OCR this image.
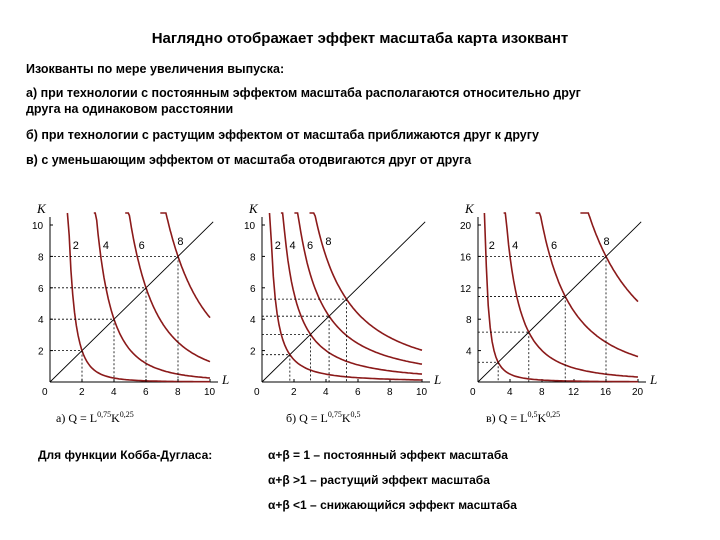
Наглядно отображает эффект масштаба карта изоквант
Изокванты по мере увеличения выпуска:
а) при технологии с постоянным эффектом масштаба располагаются относительно друг
друга на одинаковом расстоянии
б) при технологии с растущим эффектом от масштаба приближаются друг к другу
в) с уменьшающим эффектом от масштаба отодвигаются друг от друга
K
L
0	2	4	6	8 10
2
4
6
8
10
2 4	6	8
K
L
0	2	4	6	8 10
2
4
6
8
10
2 4 6 8
K
L
0	4	8 12 16 20
4
8
12
16
20
2 4	6	8
а) $Q = L^{0,75}K^{0,25}$	б) $Q = L^{0,75}K^{0,5}$	в) $Q = L^{0,5}K^{0,25}$
Для функции Кобба-Дугласа:	α+β = 1 – постоянный эффект масштаба
α+β >1 – растущий эффект масштаба
α+β <1 – снижающийся эффект масштаба
